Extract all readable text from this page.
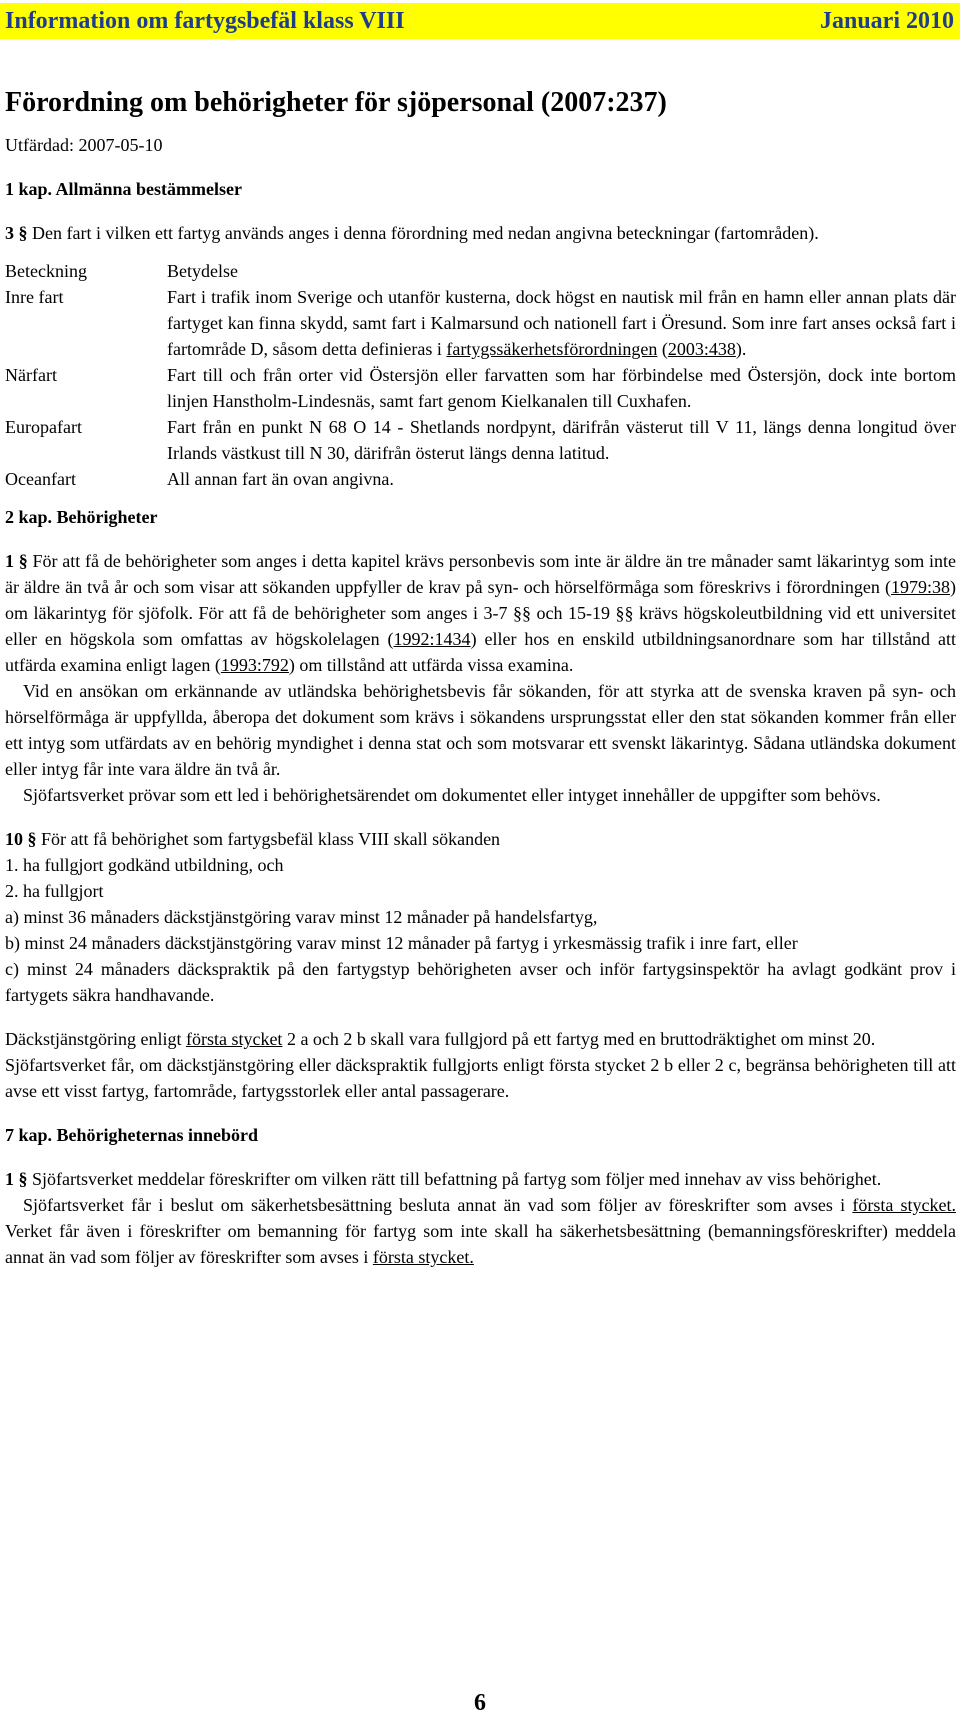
Information om fartygsbefäl klass VIII	Januari 2010
Förordning om behörigheter för sjöpersonal (2007:237)

Utfärdad: 2007-05-10

1 kap. Allmänna bestämmelser

3 § Den fart i vilken ett fartyg används anges i denna förordning med nedan angivna beteckningar (fartområden).

Beteckning	Betydelse
Inre fart	Fart i trafik inom Sverige och utanför kusterna, dock högst en nautisk mil från en hamn eller annan plats där fartyget kan finna skydd, samt fart i Kalmarsund och nationell fart i Öresund. Som inre fart anses också fart i fartområde D, såsom detta definieras i fartygssäkerhetsförordningen (2003:438).
Närfart	Fart till och från orter vid Östersjön eller farvatten som har förbindelse med Östersjön, dock inte bortom linjen Hanstholm-Lindesnäs, samt fart genom Kielkanalen till Cuxhafen.
Europafart	Fart från en punkt N 68 O 14 - Shetlands nordpynt, därifrån västerut till V 11, längs denna longitud över Irlands västkust till N 30, därifrån österut längs denna latitud.
Oceanfart	All annan fart än ovan angivna.

2 kap. Behörigheter

1 § För att få de behörigheter som anges i detta kapitel krävs personbevis som inte är äldre än tre månader samt läkarintyg som inte är äldre än två år och som visar att sökanden uppfyller de krav på syn- och hörselförmåga som föreskrivs i förordningen (1979:38) om läkarintyg för sjöfolk. För att få de behörigheter som anges i 3-7 §§ och 15-19 §§ krävs högskoleutbildning vid ett universitet eller en högskola som omfattas av högskolelagen (1992:1434) eller hos en enskild utbildningsanordnare som har tillstånd att utfärda examina enligt lagen (1993:792) om tillstånd att utfärda vissa examina.

Vid en ansökan om erkännande av utländska behörighetsbevis får sökanden, för att styrka att de svenska kraven på syn- och hörselförmåga är uppfyllda, åberopa det dokument som krävs i sökandens ursprungsstat eller den stat sökanden kommer från eller ett intyg som utfärdats av en behörig myndighet i denna stat och som motsvarar ett svenskt läkarintyg. Sådana utländska dokument eller intyg får inte vara äldre än två år.

Sjöfartsverket prövar som ett led i behörighetsärendet om dokumentet eller intyget innehåller de uppgifter som behövs.

10 § För att få behörighet som fartygsbefäl klass VIII skall sökanden

1. ha fullgjort godkänd utbildning, och

2. ha fullgjort

a) minst 36 månaders däckstjänstgöring varav minst 12 månader på handelsfartyg,

b) minst 24 månaders däckstjänstgöring varav minst 12 månader på fartyg i yrkesmässig trafik i inre fart, eller

c) minst 24 månaders däckspraktik på den fartygstyp behörigheten avser och inför fartygsinspektör ha avlagt godkänt prov i fartygets säkra handhavande.

Däckstjänstgöring enligt första stycket 2 a och 2 b skall vara fullgjord på ett fartyg med en bruttodräktighet om minst 20.

Sjöfartsverket får, om däckstjänstgöring eller däckspraktik fullgjorts enligt första stycket 2 b eller 2 c, begränsa behörigheten till att avse ett visst fartyg, fartområde, fartygsstorlek eller antal passagerare.

7 kap. Behörigheternas innebörd

1 § Sjöfartsverket meddelar föreskrifter om vilken rätt till befattning på fartyg som följer med innehav av viss behörighet.

Sjöfartsverket får i beslut om säkerhetsbesättning besluta annat än vad som följer av föreskrifter som avses i första stycket. Verket får även i föreskrifter om bemanning för fartyg som inte skall ha säkerhetsbesättning (bemanningsföreskrifter) meddela annat än vad som följer av föreskrifter som avses i första stycket.

6
